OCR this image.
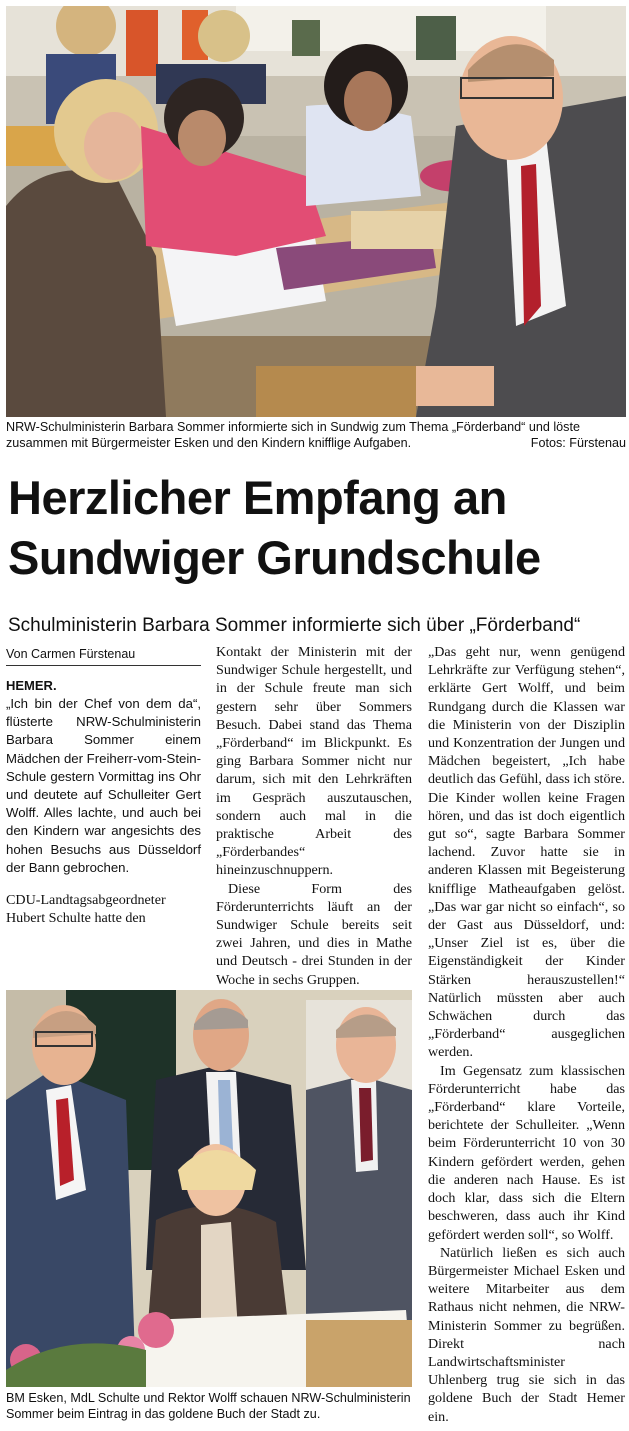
NRW-Schulministerin Barbara Sommer informierte sich in Sundwig zum Thema „Förderband“ und löste zusammen mit Bürgermeister Esken und den Kindern knifflige Aufgaben.	Fotos: Fürstenau
Herzlicher Empfang an
Sundwiger Grundschule
Schulministerin Barbara Sommer informierte sich über „Förderband“
Von Carmen Fürstenau
HEMER.

„Ich bin der Chef von dem da“, flüsterte NRW-Schulministerin Barbara Sommer einem Mädchen der Freiherr-vom-Stein-Schule gestern Vormittag ins Ohr und deutete auf Schulleiter Gert Wolff. Alles lachte, und auch bei den Kindern war angesichts des hohen Besuchs aus Düsseldorf der Bann gebrochen.

CDU-Landtagsabgeordneter Hubert Schulte hatte den

Kontakt der Ministerin mit der Sundwiger Schule hergestellt, und in der Schule freute man sich gestern sehr über Sommers Besuch. Dabei stand das Thema „Förderband“ im Blickpunkt. Es ging Barbara Sommer nicht nur darum, sich mit den Lehrkräften im Gespräch auszutauschen, sondern auch mal in die praktische Arbeit des „Förderbandes“ hineinzuschnuppern.

Diese Form des Förderunterrichts läuft an der Sundwiger Schule bereits seit zwei Jahren, und dies in Mathe und Deutsch - drei Stunden in der Woche in sechs Gruppen.

„Das geht nur, wenn genügend Lehrkräfte zur Verfügung stehen“, erklärte Gert Wolff, und beim Rundgang durch die Klassen war die Ministerin von der Disziplin und Konzentration der Jungen und Mädchen begeistert, „Ich habe deutlich das Gefühl, dass ich störe. Die Kinder wollen keine Fragen hören, und das ist doch eigentlich gut so“, sagte Barbara Sommer lachend. Zuvor hatte sie in anderen Klassen mit Begeisterung knifflige Matheaufgaben gelöst. „Das war gar nicht so einfach“, so der Gast aus Düsseldorf, und: „Unser Ziel ist es, über die Eigenständigkeit der Kinder Stärken herauszustellen!“ Natürlich müssten aber auch Schwächen durch das „Förderband“ ausgeglichen werden.

Im Gegensatz zum klassischen Förderunterricht habe das „Förderband“ klare Vorteile, berichtete der Schulleiter. „Wenn beim Förderunterricht 10 von 30 Kindern gefördert werden, gehen die anderen nach Hause. Es ist doch klar, dass sich die Eltern beschweren, dass auch ihr Kind gefördert werden soll“, so Wolff.

Natürlich ließen es sich auch Bürgermeister Michael Esken und weitere Mitarbeiter aus dem Rathaus nicht nehmen, die NRW-Ministerin Sommer zu begrüßen. Direkt nach Landwirtschaftsminister Uhlenberg trug sie sich in das goldene Buch der Stadt Hemer ein.

BM Esken, MdL Schulte und Rektor Wolff schauen NRW-Schulministerin Sommer beim Eintrag in das goldene Buch der Stadt zu.
